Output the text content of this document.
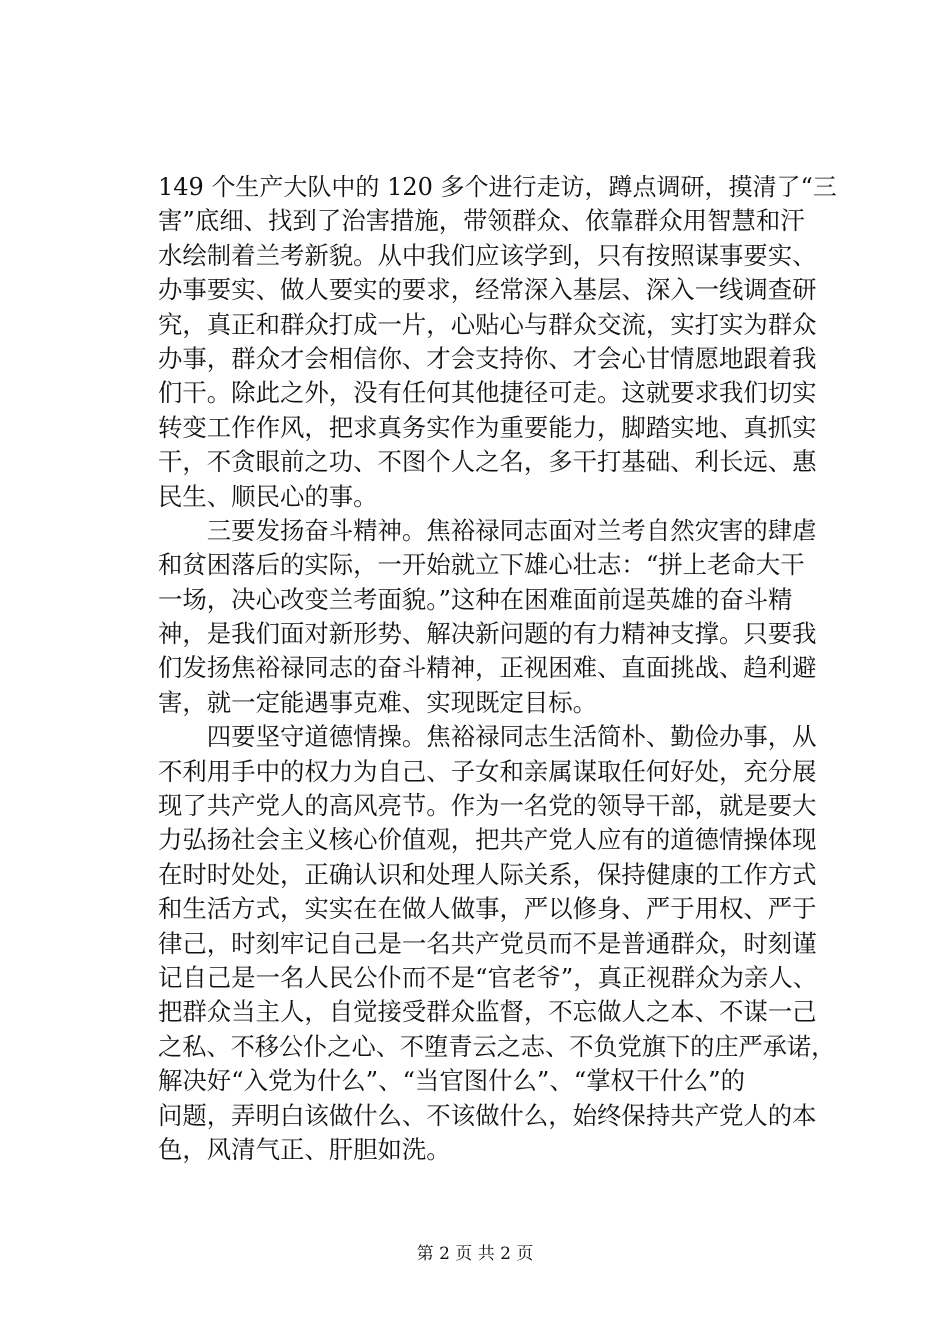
149 个生产大队中的 120 多个进行走访，蹲点调研，摸清了“三
害”底细、找到了治害措施，带领群众、依靠群众用智慧和汗
水绘制着兰考新貌。从中我们应该学到，只有按照谋事要实、
办事要实、做人要实的要求，经常深入基层、深入一线调查研
究，真正和群众打成一片，心贴心与群众交流，实打实为群众
办事，群众才会相信你、才会支持你、才会心甘情愿地跟着我
们干。除此之外，没有任何其他捷径可走。这就要求我们切实
转变工作作风，把求真务实作为重要能力，脚踏实地、真抓实
干，不贪眼前之功、不图个人之名，多干打基础、利长远、惠
民生、顺民心的事。
　　三要发扬奋斗精神。焦裕禄同志面对兰考自然灾害的肆虐
和贫困落后的实际，一开始就立下雄心壮志：“拼上老命大干
一场，决心改变兰考面貌。”这种在困难面前逞英雄的奋斗精
神，是我们面对新形势、解决新问题的有力精神支撑。只要我
们发扬焦裕禄同志的奋斗精神，正视困难、直面挑战、趋利避
害，就一定能遇事克难、实现既定目标。
　　四要坚守道德情操。焦裕禄同志生活简朴、勤俭办事，从
不利用手中的权力为自己、子女和亲属谋取任何好处，充分展
现了共产党人的高风亮节。作为一名党的领导干部，就是要大
力弘扬社会主义核心价值观，把共产党人应有的道德情操体现
在时时处处，正确认识和处理人际关系，保持健康的工作方式
和生活方式，实实在在做人做事，严以修身、严于用权、严于
律己，时刻牢记自己是一名共产党员而不是普通群众，时刻谨
记自己是一名人民公仆而不是“官老爷”，真正视群众为亲人、
把群众当主人，自觉接受群众监督，不忘做人之本、不谋一己
之私、不移公仆之心、不堕青云之志、不负党旗下的庄严承诺，
解决好“入党为什么”、“当官图什么”、“掌权干什么”的
问题，弄明白该做什么、不该做什么，始终保持共产党人的本
色，风清气正、肝胆如洗。
第 2 页 共 2 页
